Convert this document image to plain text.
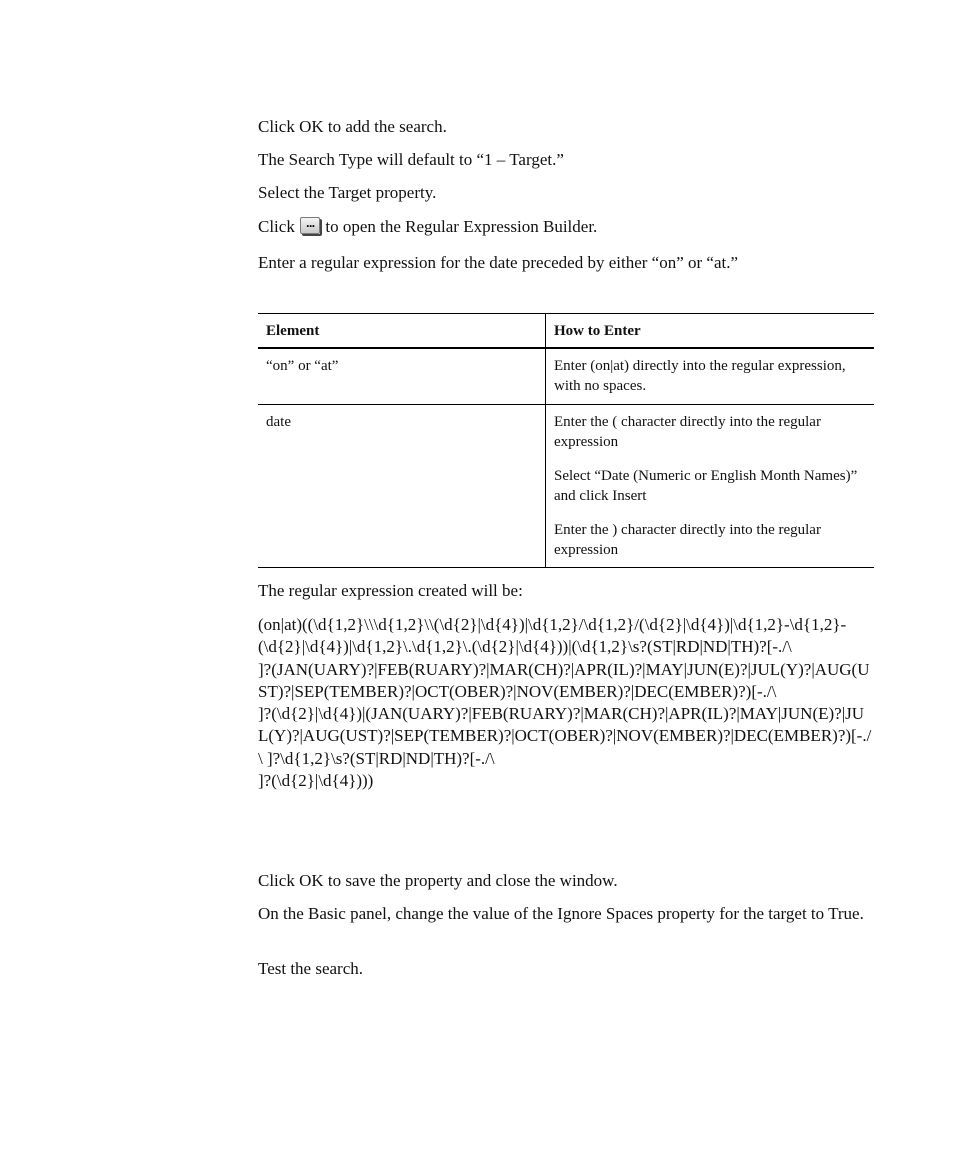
Click OK to add the search.

The Search Type will default to “1 – Target.”

Select the Target property.

Click ... to open the Regular Expression Builder.

Enter a regular expression for the date preceded by either “on” or “at.”

Element	How to Enter
“on” or “at”	Enter (on|at) directly into the regular expression, with no spaces.

date	Enter the ( character directly into the regular expression

Select “Date (Numeric or English Month Names)” and click Insert

Enter the ) character directly into the regular expression

The regular expression created will be:

(on|at)((\d{1,2}\\\d{1,2}\\(\d{2}|\d{4})|\d{1,2}/\d{1,2}/(\d{2}|\d{4})|\d{1,2}-\d{1,2}-
(\d{2}|\d{4})|\d{1,2}\.\d{1,2}\.(\d{2}|\d{4}))|(\d{1,2}\s?(ST|RD|ND|TH)?[-./\
]?(JAN(UARY)?|FEB(RUARY)?|MAR(CH)?|APR(IL)?|MAY|JUN(E)?|JUL(Y)?|AUG(UST)?|SEP(TEMBER)?|OCT(OBER)?|NOV(EMBER)?|DEC(EMBER)?)[-./\
]?(\d{2}|\d{4})|(JAN(UARY)?|FEB(RUARY)?|MAR(CH)?|APR(IL)?|MAY|JUN(E)?|JUL(Y)?|AUG(UST)?|SEP(TEMBER)?|OCT(OBER)?|NOV(EMBER)?|DEC(EMBER)?)[-./\ ]?\d{1,2}\s?(ST|RD|ND|TH)?[-./\
]?(\d{2}|\d{4})))

Click OK to save the property and close the window.

On the Basic panel, change the value of the Ignore Spaces property for the target to True.

Test the search.
